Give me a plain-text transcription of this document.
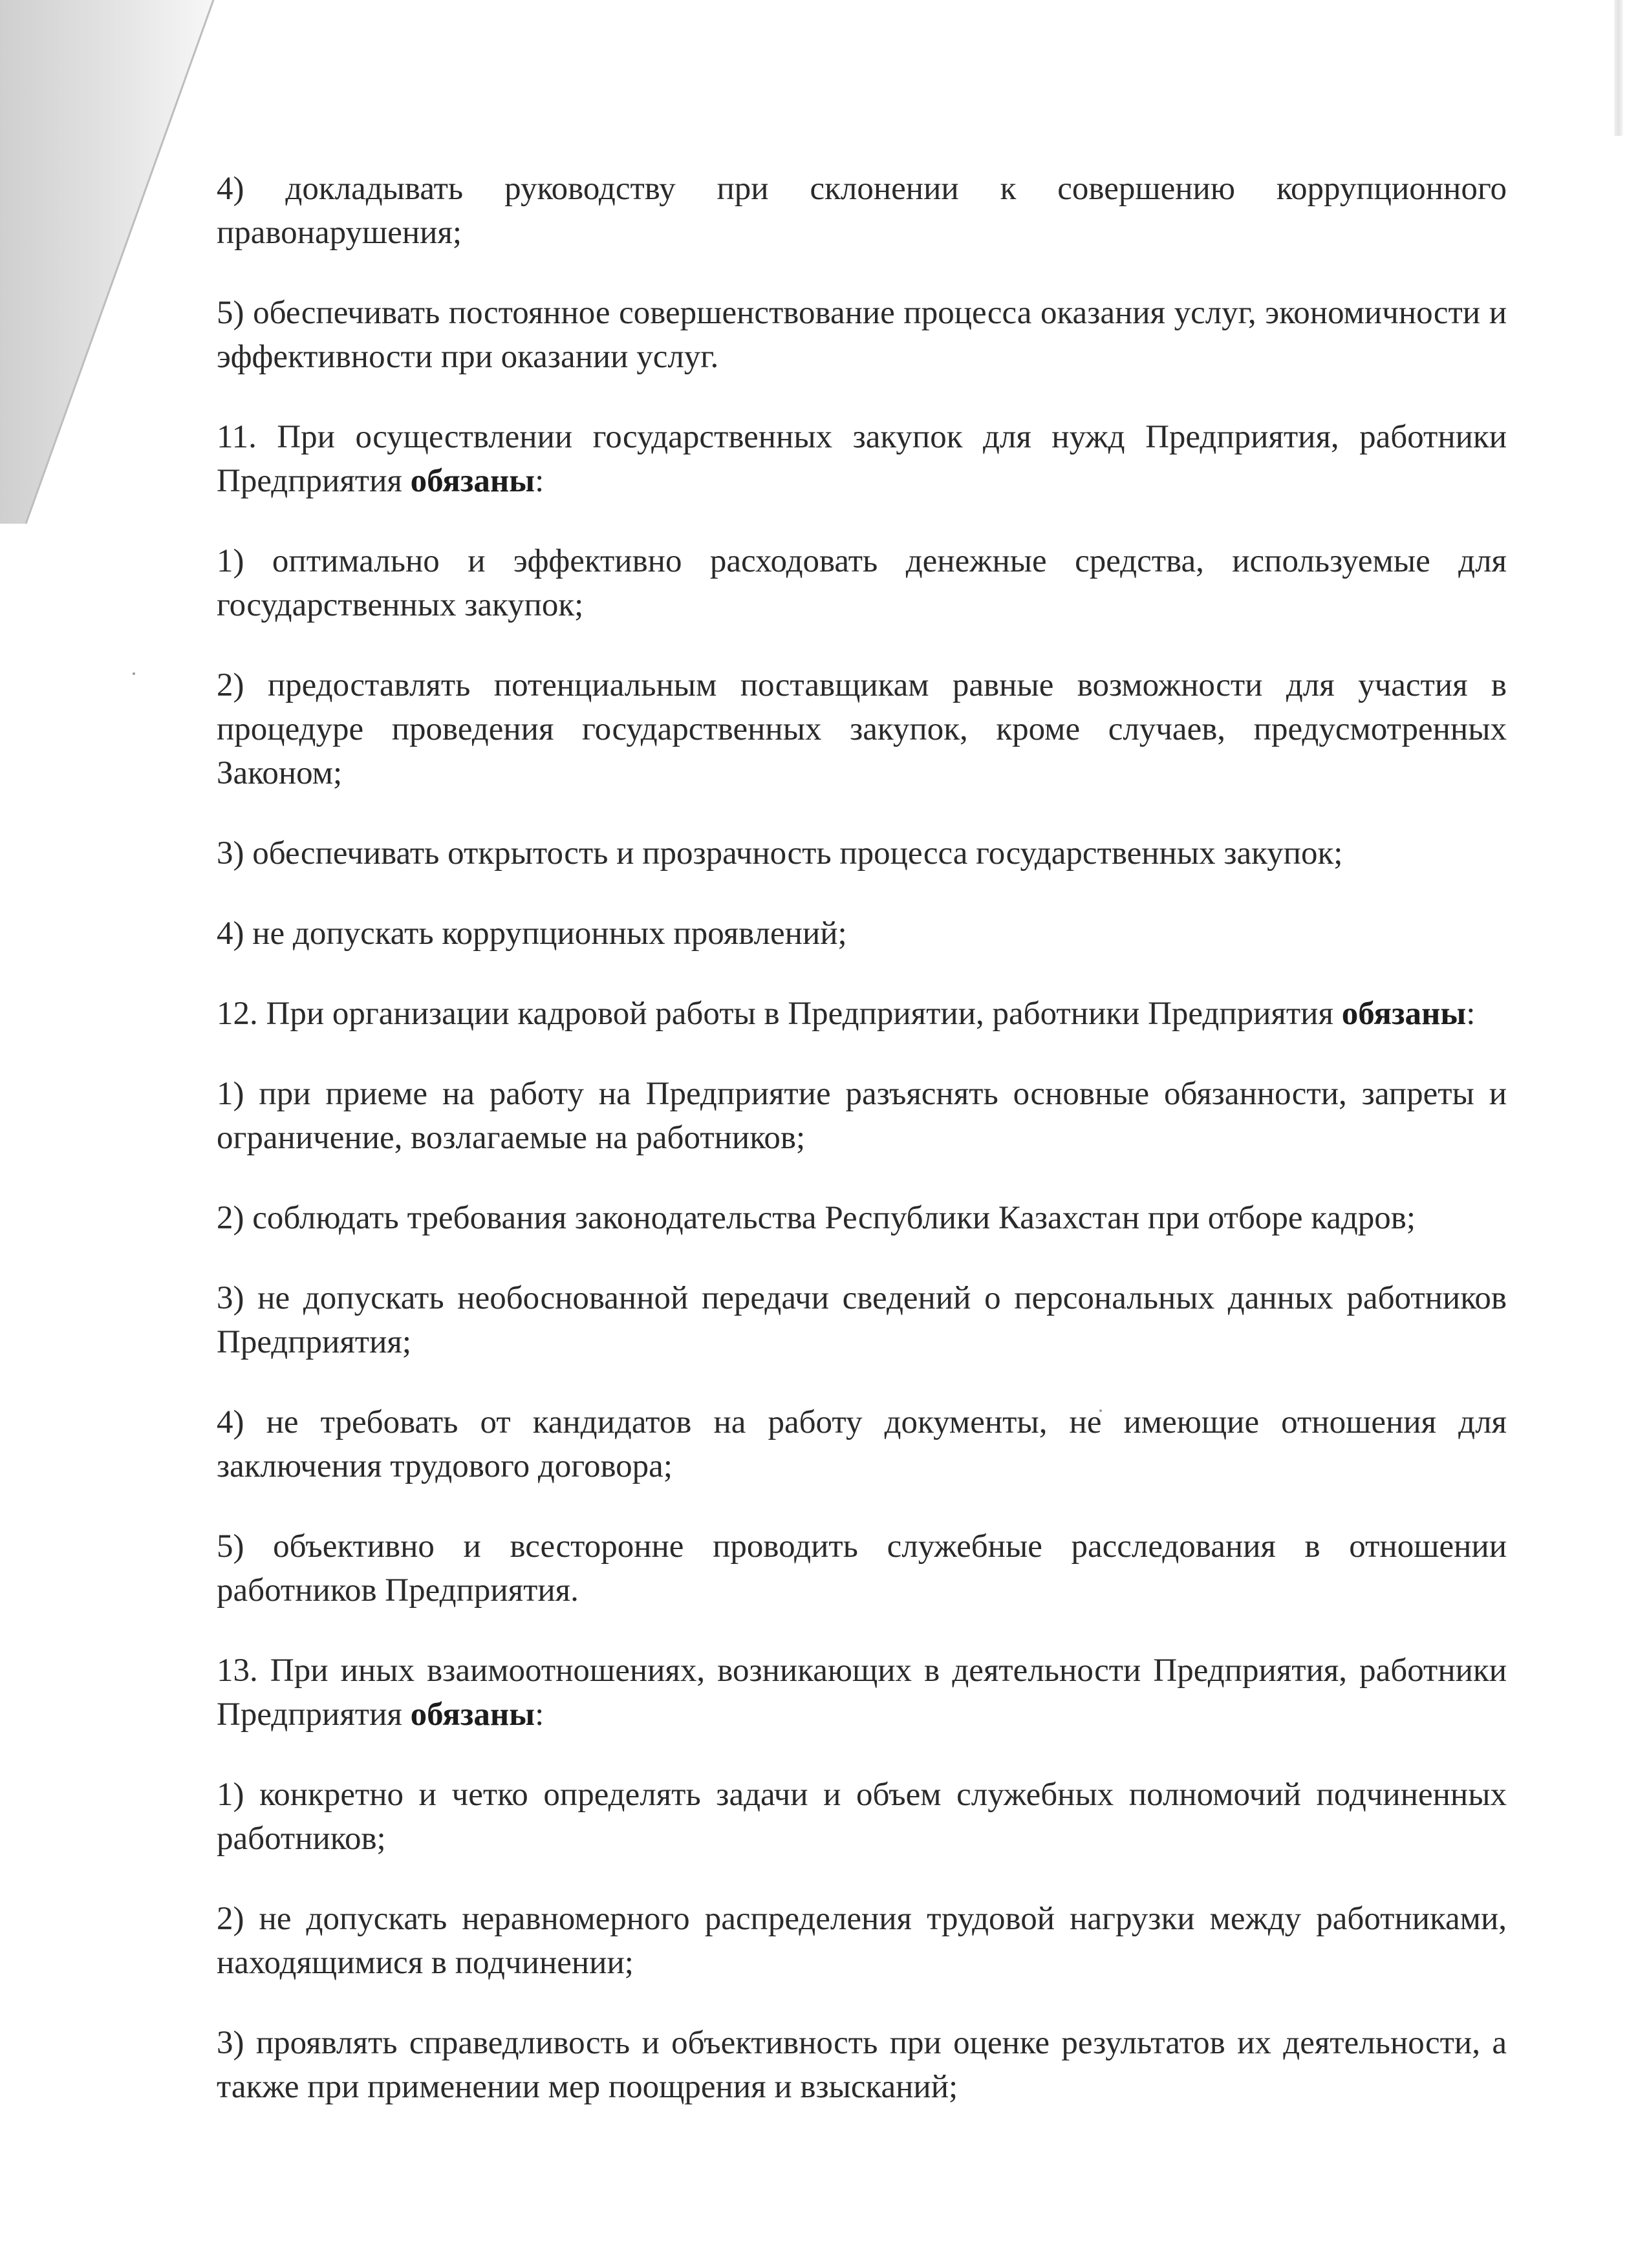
4) докладывать руководству при склонении к совершению коррупционного правонарушения;

5) обеспечивать постоянное совершенствование процесса оказания услуг, экономичности и эффективности при оказании услуг.

11. При осуществлении государственных закупок для нужд Предприятия, работники Предприятия обязаны:

1) оптимально и эффективно расходовать денежные средства, используемые для государственных закупок;

2) предоставлять потенциальным поставщикам равные возможности для участия в процедуре проведения государственных закупок, кроме случаев, предусмотренных Законом;

3) обеспечивать открытость и прозрачность процесса государственных закупок;

4) не допускать коррупционных проявлений;

12. При организации кадровой работы в Предприятии, работники Предприятия обязаны:

1) при приеме на работу на Предприятие разъяснять основные обязанности, запреты и ограничение, возлагаемые на работников;

2) соблюдать требования законодательства Республики Казахстан при отборе кадров;

3) не допускать необоснованной передачи сведений о персональных данных работников Предприятия;

4) не требовать от кандидатов на работу документы, не имеющие отношения для заключения трудового договора;

5) объективно и всесторонне проводить служебные расследования в отношении работников Предприятия.

13. При иных взаимоотношениях, возникающих в деятельности Предприятия, работники Предприятия обязаны:

1) конкретно и четко определять задачи и объем служебных полномочий подчиненных работников;

2) не допускать неравномерного распределения трудовой нагрузки между работниками, находящимися в подчинении;

3) проявлять справедливость и объективность при оценке результатов их деятельности, а также при применении мер поощрения и взысканий;
